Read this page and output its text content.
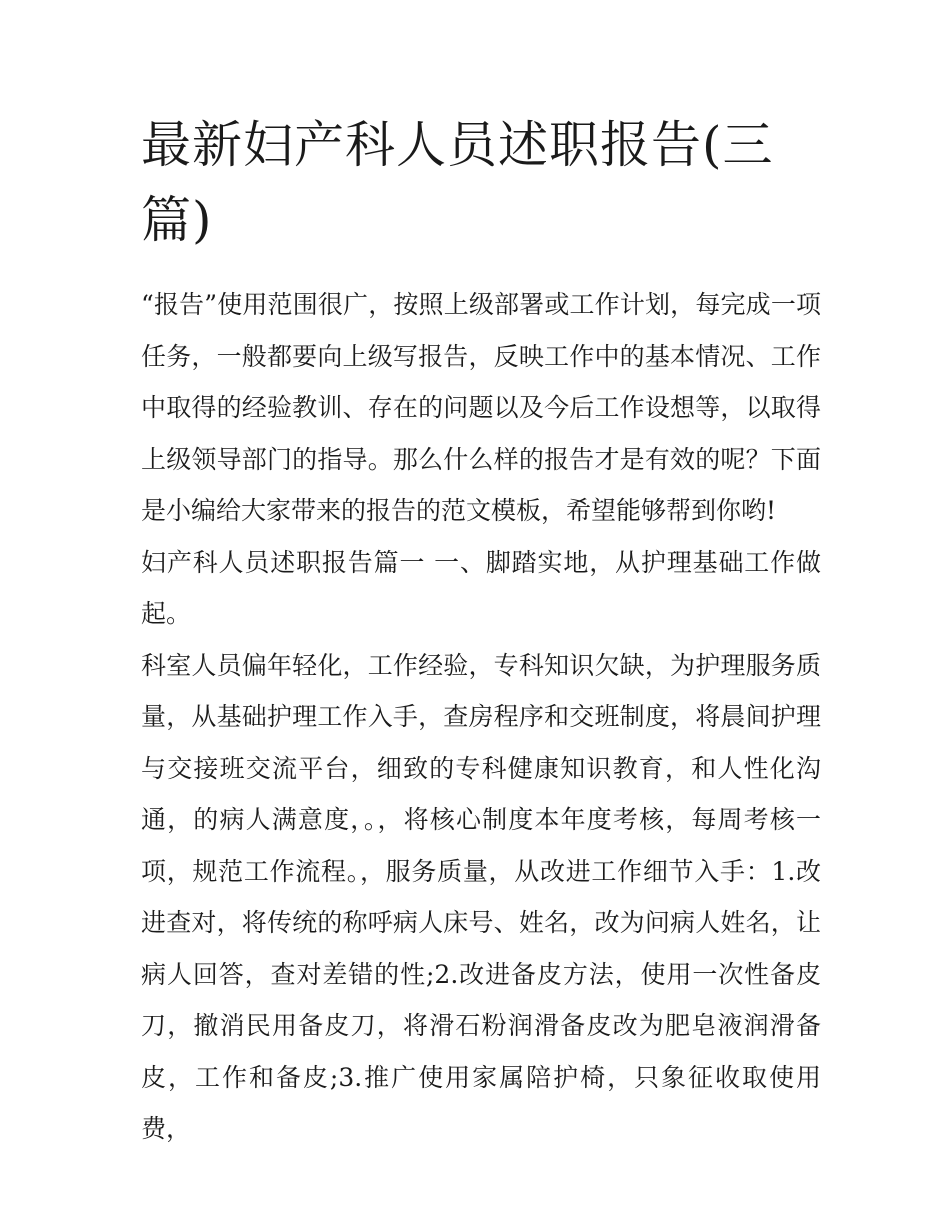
最新妇产科人员述职报告(三篇)

“报告”使用范围很广，按照上级部署或工作计划，每完成一项任务，一般都要向上级写报告，反映工作中的基本情况、工作中取得的经验教训、存在的问题以及今后工作设想等，以取得上级领导部门的指导。那么什么样的报告才是有效的呢？下面是小编给大家带来的报告的范文模板，希望能够帮到你哟!

妇产科人员述职报告篇一 一、脚踏实地，从护理基础工作做起。

科室人员偏年轻化，工作经验，专科知识欠缺，为护理服务质量，从基础护理工作入手，查房程序和交班制度，将晨间护理与交接班交流平台，细致的专科健康知识教育，和人性化沟通，的病人满意度，。，将核心制度本年度考核，每周考核一项，规范工作流程。，服务质量，从改进工作细节入手：1.改进查对，将传统的称呼病人床号、姓名，改为问病人姓名，让病人回答，查对差错的性;2.改进备皮方法，使用一次性备皮刀，撤消民用备皮刀，将滑石粉润滑备皮改为肥皂液润滑备皮，工作和备皮;3.推广使用家属陪护椅，只象征收取使用费，
